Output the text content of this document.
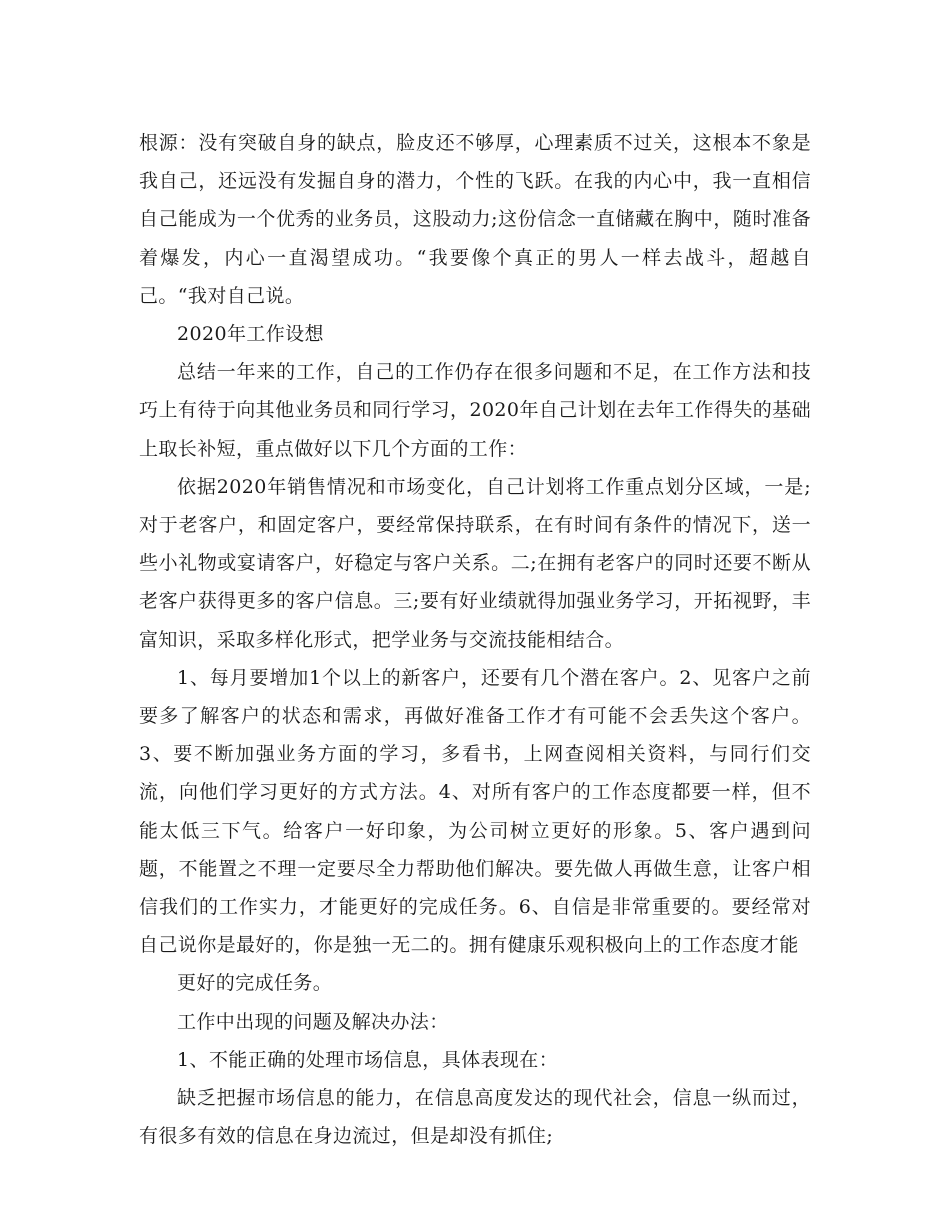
根源：没有突破自身的缺点，脸皮还不够厚，心理素质不过关，这根本不象是我自己，还远没有发掘自身的潜力，个性的飞跃。在我的内心中，我一直相信自己能成为一个优秀的业务员，这股动力;这份信念一直储藏在胸中，随时准备着爆发，内心一直渴望成功。“我要像个真正的男人一样去战斗，超越自己。“我对自己说。

2020年工作设想

总结一年来的工作，自己的工作仍存在很多问题和不足，在工作方法和技巧上有待于向其他业务员和同行学习，2020年自己计划在去年工作得失的基础上取长补短，重点做好以下几个方面的工作：

依据2020年销售情况和市场变化，自己计划将工作重点划分区域，一是;对于老客户，和固定客户，要经常保持联系，在有时间有条件的情况下，送一些小礼物或宴请客户，好稳定与客户关系。二;在拥有老客户的同时还要不断从老客户获得更多的客户信息。三;要有好业绩就得加强业务学习，开拓视野，丰富知识，采取多样化形式，把学业务与交流技能相结合。

1、每月要增加1个以上的新客户，还要有几个潜在客户。2、见客户之前要多了解客户的状态和需求，再做好准备工作才有可能不会丢失这个客户。3、要不断加强业务方面的学习，多看书，上网查阅相关资料，与同行们交流，向他们学习更好的方式方法。4、对所有客户的工作态度都要一样，但不能太低三下气。给客户一好印象，为公司树立更好的形象。5、客户遇到问题，不能置之不理一定要尽全力帮助他们解决。要先做人再做生意，让客户相信我们的工作实力，才能更好的完成任务。6、自信是非常重要的。要经常对自己说你是最好的，你是独一无二的。拥有健康乐观积极向上的工作态度才能

更好的完成任务。

工作中出现的问题及解决办法：

1、不能正确的处理市场信息，具体表现在：

缺乏把握市场信息的能力，在信息高度发达的现代社会，信息一纵而过，有很多有效的信息在身边流过，但是却没有抓住;
